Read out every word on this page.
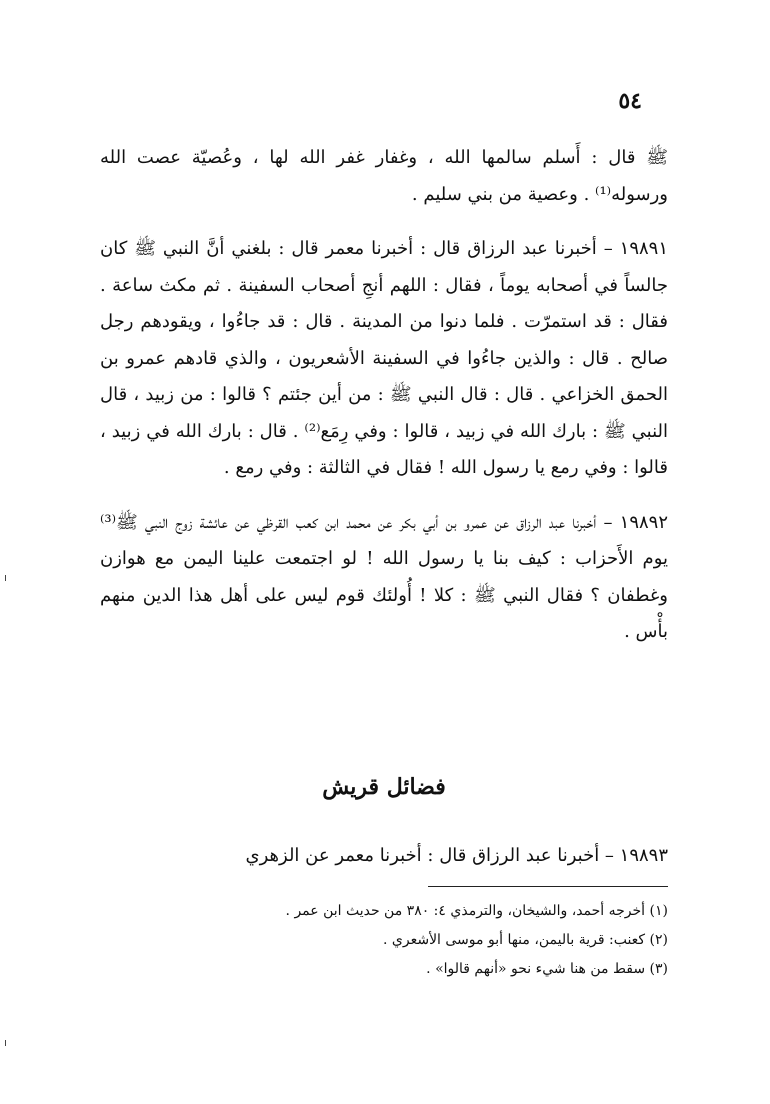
٥٤

ﷺ قال : أَسلم سالمها الله ، وغفار غفر الله لها ، وعُصيّة عصت الله ورسوله⁽¹⁾ . وعصية من بني سليم .

١٩٨٩١ – أخبرنا عبد الرزاق قال : أخبرنا معمر قال : بلغني أنَّ النبي ﷺ كان جالساً في أصحابه يوماً ، فقال : اللهم أنجِ أصحاب السفينة . ثم مكث ساعة . فقال : قد استمرّت . فلما دنوا من المدينة . قال : قد جاءُوا ، ويقودهم رجل صالح . قال : والذين جاءُوا في السفينة الأشعريون ، والذي قادهم عمرو بن الحمق الخزاعي . قال : قال النبي ﷺ : من أين جئتم ؟ قالوا : من زبيد ، قال النبي ﷺ : بارك الله في زبيد ، قالوا : وفي رِمَع⁽²⁾ . قال : بارك الله في زبيد ، قالوا : وفي رمع يا رسول الله ! فقال في الثالثة : وفي رمع .

١٩٨٩٢ – أخبرنا عبد الرزاق عن عمرو بن أبي بكر عن محمد ابن كعب القرظي عن عائشة زوج النبي ﷺ⁽³⁾ يوم الأَحزاب : كيف بنا يا رسول الله ! لو اجتمعت علينا اليمن مع هوازن وغطفان ؟ فقال النبي ﷺ : كلا ! أُولئك قوم ليس على أهل هذا الدين منهم بأْس .

فضائل قريش
١٩٨٩٣ – أخبرنا عبد الرزاق قال : أخبرنا معمر عن الزهري

(١) أخرجه أحمد، والشيخان، والترمذي ٤: ٣٨٠ من حديث ابن عمر .

(٢) كعنب: قرية باليمن، منها أبو موسى الأشعري .

(٣) سقط من هنا شيء نحو «أنهم قالوا» .
